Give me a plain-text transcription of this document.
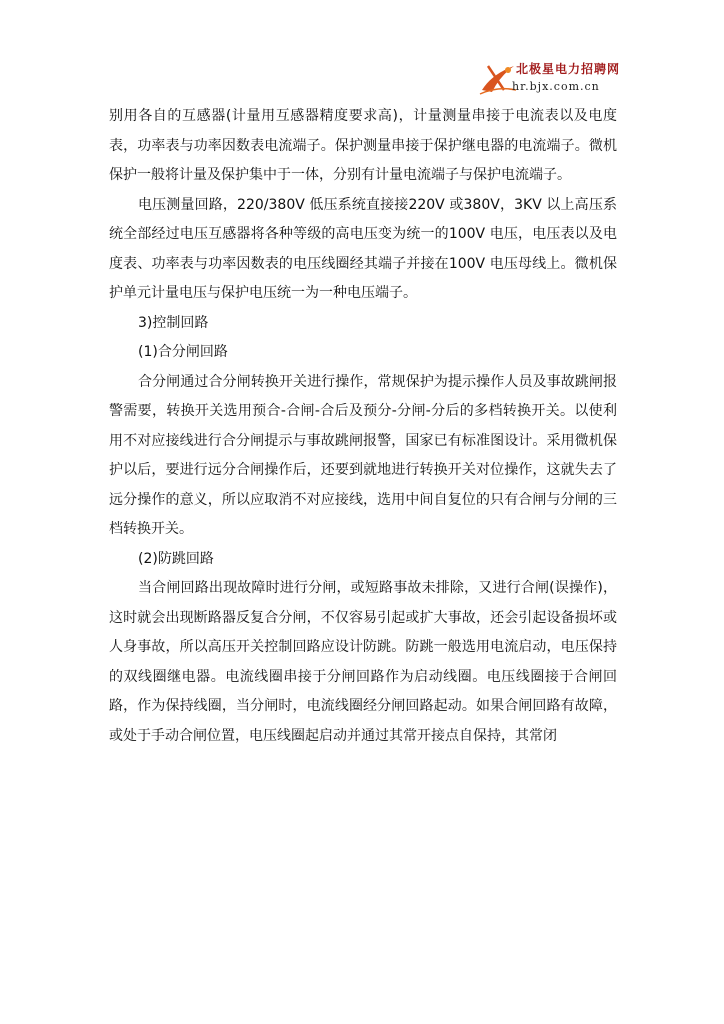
北极星电力招聘网
hr.bjx.com.cn

别用各自的互感器(计量用互感器精度要求高)，计量测量串接于电流表以及电度表，功率表与功率因数表电流端子。保护测量串接于保护继电器的电流端子。微机保护一般将计量及保护集中于一体，分别有计量电流端子与保护电流端子。

电压测量回路，220/380V 低压系统直接接220V 或380V，3KV 以上高压系统全部经过电压互感器将各种等级的高电压变为统一的100V 电压，电压表以及电度表、功率表与功率因数表的电压线圈经其端子并接在100V 电压母线上。微机保护单元计量电压与保护电压统一为一种电压端子。

3)控制回路

(1)合分闸回路

合分闸通过合分闸转换开关进行操作，常规保护为提示操作人员及事故跳闸报警需要，转换开关选用预合-合闸-合后及预分-分闸-分后的多档转换开关。以使利用不对应接线进行合分闸提示与事故跳闸报警，国家已有标准图设计。采用微机保护以后，要进行远分合闸操作后，还要到就地进行转换开关对位操作，这就失去了远分操作的意义，所以应取消不对应接线，选用中间自复位的只有合闸与分闸的三档转换开关。

(2)防跳回路

当合闸回路出现故障时进行分闸，或短路事故未排除，又进行合闸(误操作)，这时就会出现断路器反复合分闸，不仅容易引起或扩大事故，还会引起设备损坏或人身事故，所以高压开关控制回路应设计防跳。防跳一般选用电流启动，电压保持的双线圈继电器。电流线圈串接于分闸回路作为启动线圈。电压线圈接于合闸回路，作为保持线圈，当分闸时，电流线圈经分闸回路起动。如果合闸回路有故障，或处于手动合闸位置，电压线圈起启动并通过其常开接点自保持，其常闭
